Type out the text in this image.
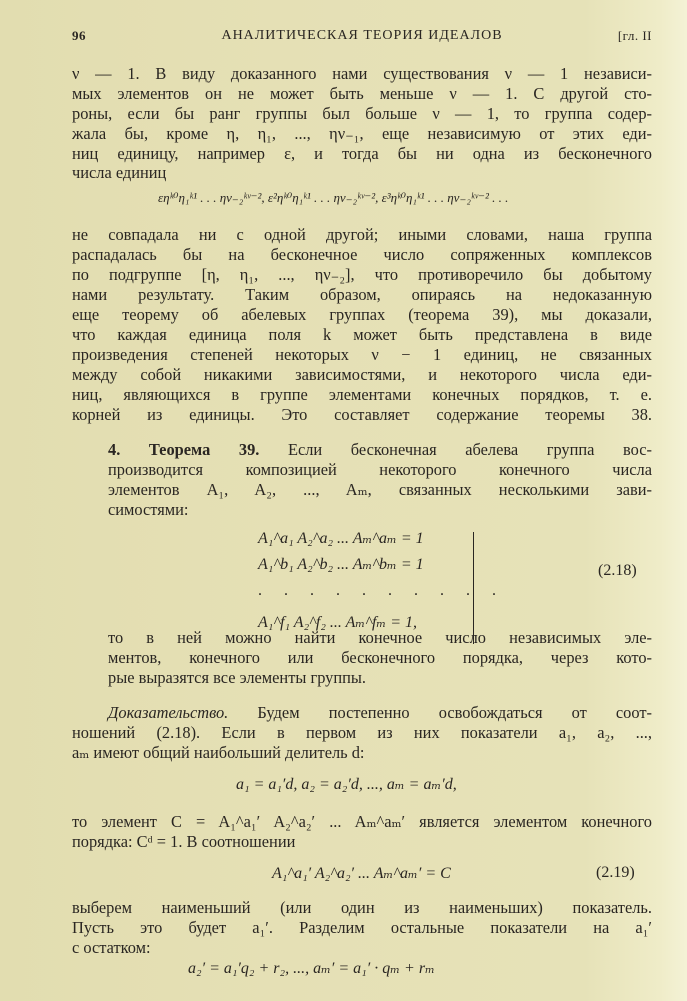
96	АНАЛИТИЧЕСКАЯ ТЕОРИЯ ИДЕАЛОВ	[гл. II
ν — 1. В виду доказанного нами существования ν — 1 независи-
мых элементов он не может быть меньше ν — 1. С другой сто-
роны, если бы ранг группы был больше ν — 1, то группа содер-
жала бы, кроме η, η₁, ..., ην₋₁, еще независимую от этих еди-
ниц единицу, например ε, и тогда бы ни одна из бесконечного
числа единиц
εηᵏ⁰η₁ᵏ¹ . . . ην₋₂ᵏᵛ⁻², ε²ηᵏ⁰η₁ᵏ¹ . . . ην₋₂ᵏᵛ⁻², ε³ηᵏ⁰η₁ᵏ¹ . . . ην₋₂ᵏᵛ⁻² . . .
не совпадала ни с одной другой; иными словами, наша группа
распадалась бы на бесконечное число сопряженных комплексов
по подгруппе [η, η₁, ..., ην₋₂], что противоречило бы добытому
нами результату. Таким образом, опираясь на недоказанную
еще теорему об абелевых группах (теорема 39), мы доказали,
что каждая единица поля k может быть представлена в виде
произведения степеней некоторых ν − 1 единиц, не связанных
между собой никакими зависимостями, и некоторого числа еди-
ниц, являющихся в группе элементами конечных порядков, т. е.
корней из единицы. Это составляет содержание теоремы 38.
4. Теорема 39. Если бесконечная абелева группа вос-
производится композицией некоторого конечного числа
элементов A₁, A₂, ..., Aₘ, связанных несколькими зави-
симостями:
A₁^a₁ A₂^a₂ ... Aₘ^aₘ = 1
A₁^b₁ A₂^b₂ ... Aₘ^bₘ = 1
. . . . . . . . . .
A₁^f₁ A₂^f₂ ... Aₘ^fₘ = 1,
(2.18)
то в ней можно найти конечное число независимых эле-
ментов, конечного или бесконечного порядка, через кото-
рые выразятся все элементы группы.
Доказательство. Будем постепенно освобождаться от соот-
ношений (2.18). Если в первом из них показатели a₁, a₂, ...,
aₘ имеют общий наибольший делитель d:
a₁ = a₁′d, a₂ = a₂′d, ..., aₘ = aₘ′d,
то элемент C = A₁^a₁′ A₂^a₂′ ... Aₘ^aₘ′ является элементом конечного
порядка: Cᵈ = 1. В соотношении
A₁^a₁′ A₂^a₂′ ... Aₘ^aₘ′ = C	(2.19)
выберем наименьший (или один из наименьших) показатель.
Пусть это будет a₁′. Разделим остальные показатели на a₁′
с остатком:
a₂′ = a₁′q₂ + r₂, ..., aₘ′ = a₁′ · qₘ + rₘ
